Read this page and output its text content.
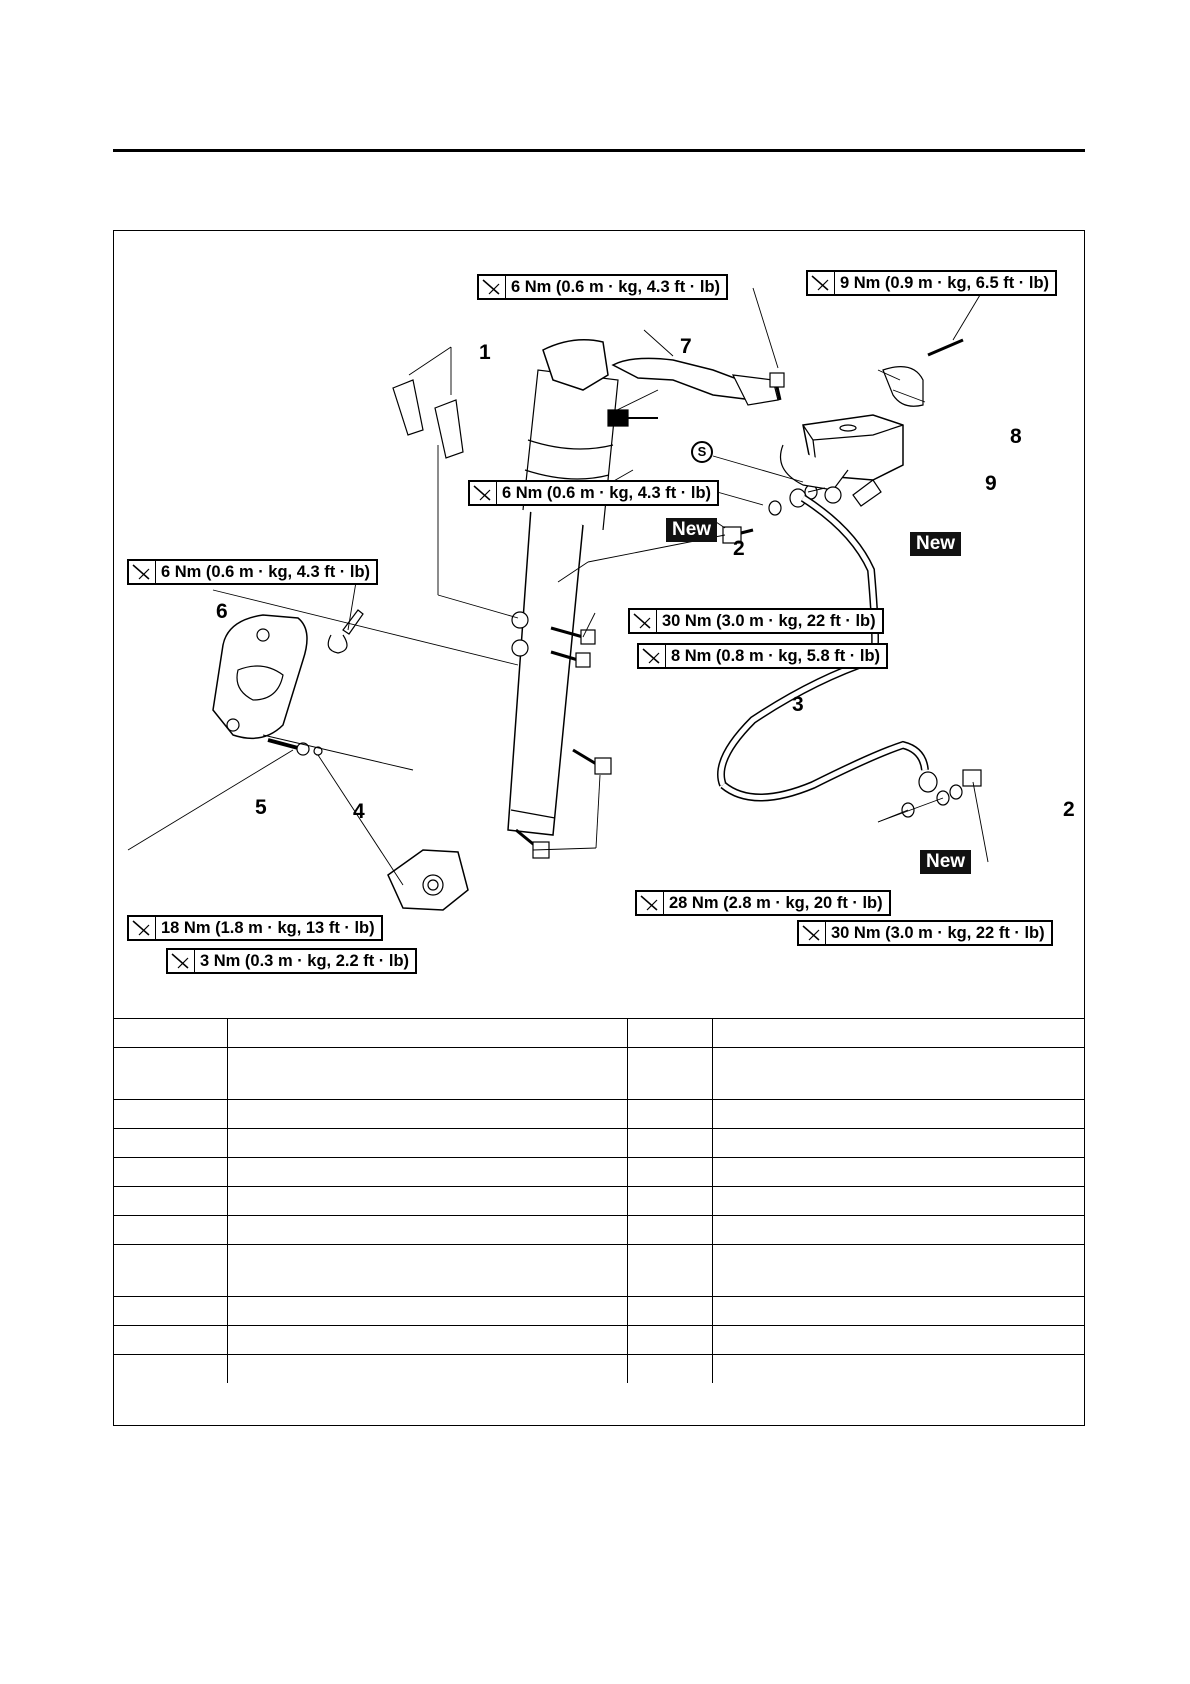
6 Nm (0.6 m · kg, 4.3 ft · lb)	9 Nm (0.9 m · kg, 6.5 ft · lb)
6 Nm (0.6 m · kg, 4.3 ft · lb)
6 Nm (0.6 m · kg, 4.3 ft · lb)
30 Nm (3.0 m · kg, 22 ft · lb)
8 Nm (0.8 m · kg, 5.8 ft · lb)
28 Nm (2.8 m · kg, 20 ft · lb)
30 Nm (3.0 m · kg, 22 ft · lb)
18 Nm (1.8 m · kg, 13 ft · lb)
3 Nm (0.3 m · kg, 2.2 ft · lb)
New
New
New
S
1
2
3
4
5
6
7
8
9
2
